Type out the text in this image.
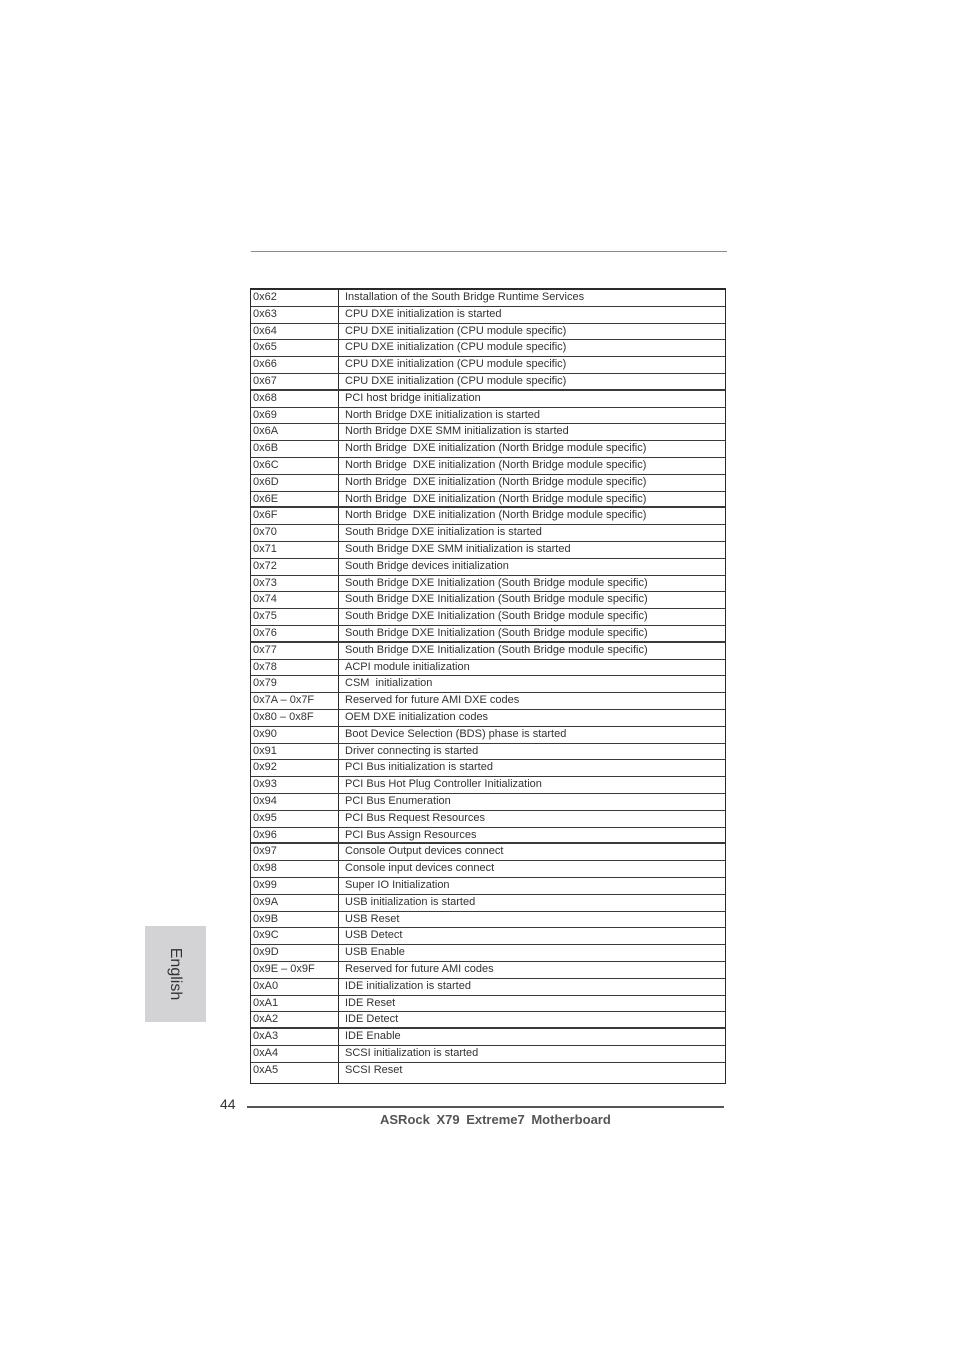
0x62	Installation of the South Bridge Runtime Services
0x63	CPU DXE initialization is started
0x64	CPU DXE initialization (CPU module specific)
0x65	CPU DXE initialization (CPU module specific)
0x66	CPU DXE initialization (CPU module specific)
0x67	CPU DXE initialization (CPU module specific)
0x68	PCI host bridge initialization
0x69	North Bridge DXE initialization is started
0x6A	North Bridge DXE SMM initialization is started
0x6B	North Bridge  DXE initialization (North Bridge module specific)
0x6C	North Bridge  DXE initialization (North Bridge module specific)
0x6D	North Bridge  DXE initialization (North Bridge module specific)
0x6E	North Bridge  DXE initialization (North Bridge module specific)
0x6F	North Bridge  DXE initialization (North Bridge module specific)
0x70	South Bridge DXE initialization is started
0x71	South Bridge DXE SMM initialization is started
0x72	South Bridge devices initialization
0x73	South Bridge DXE Initialization (South Bridge module specific)
0x74	South Bridge DXE Initialization (South Bridge module specific)
0x75	South Bridge DXE Initialization (South Bridge module specific)
0x76	South Bridge DXE Initialization (South Bridge module specific)
0x77	South Bridge DXE Initialization (South Bridge module specific)
0x78	ACPI module initialization
0x79	CSM  initialization
0x7A – 0x7F	Reserved for future AMI DXE codes
0x80 – 0x8F	OEM DXE initialization codes
0x90	Boot Device Selection (BDS) phase is started
0x91	Driver connecting is started
0x92	PCI Bus initialization is started
0x93	PCI Bus Hot Plug Controller Initialization
0x94	PCI Bus Enumeration
0x95	PCI Bus Request Resources
0x96	PCI Bus Assign Resources
0x97	Console Output devices connect
0x98	Console input devices connect
0x99	Super IO Initialization
0x9A	USB initialization is started
0x9B	USB Reset
0x9C	USB Detect
0x9D	USB Enable
0x9E – 0x9F	Reserved for future AMI codes
0xA0	IDE initialization is started
0xA1	IDE Reset
0xA2	IDE Detect
0xA3	IDE Enable
0xA4	SCSI initialization is started
0xA5	SCSI Reset
English
44
ASRock X79 Extreme7 Motherboard
